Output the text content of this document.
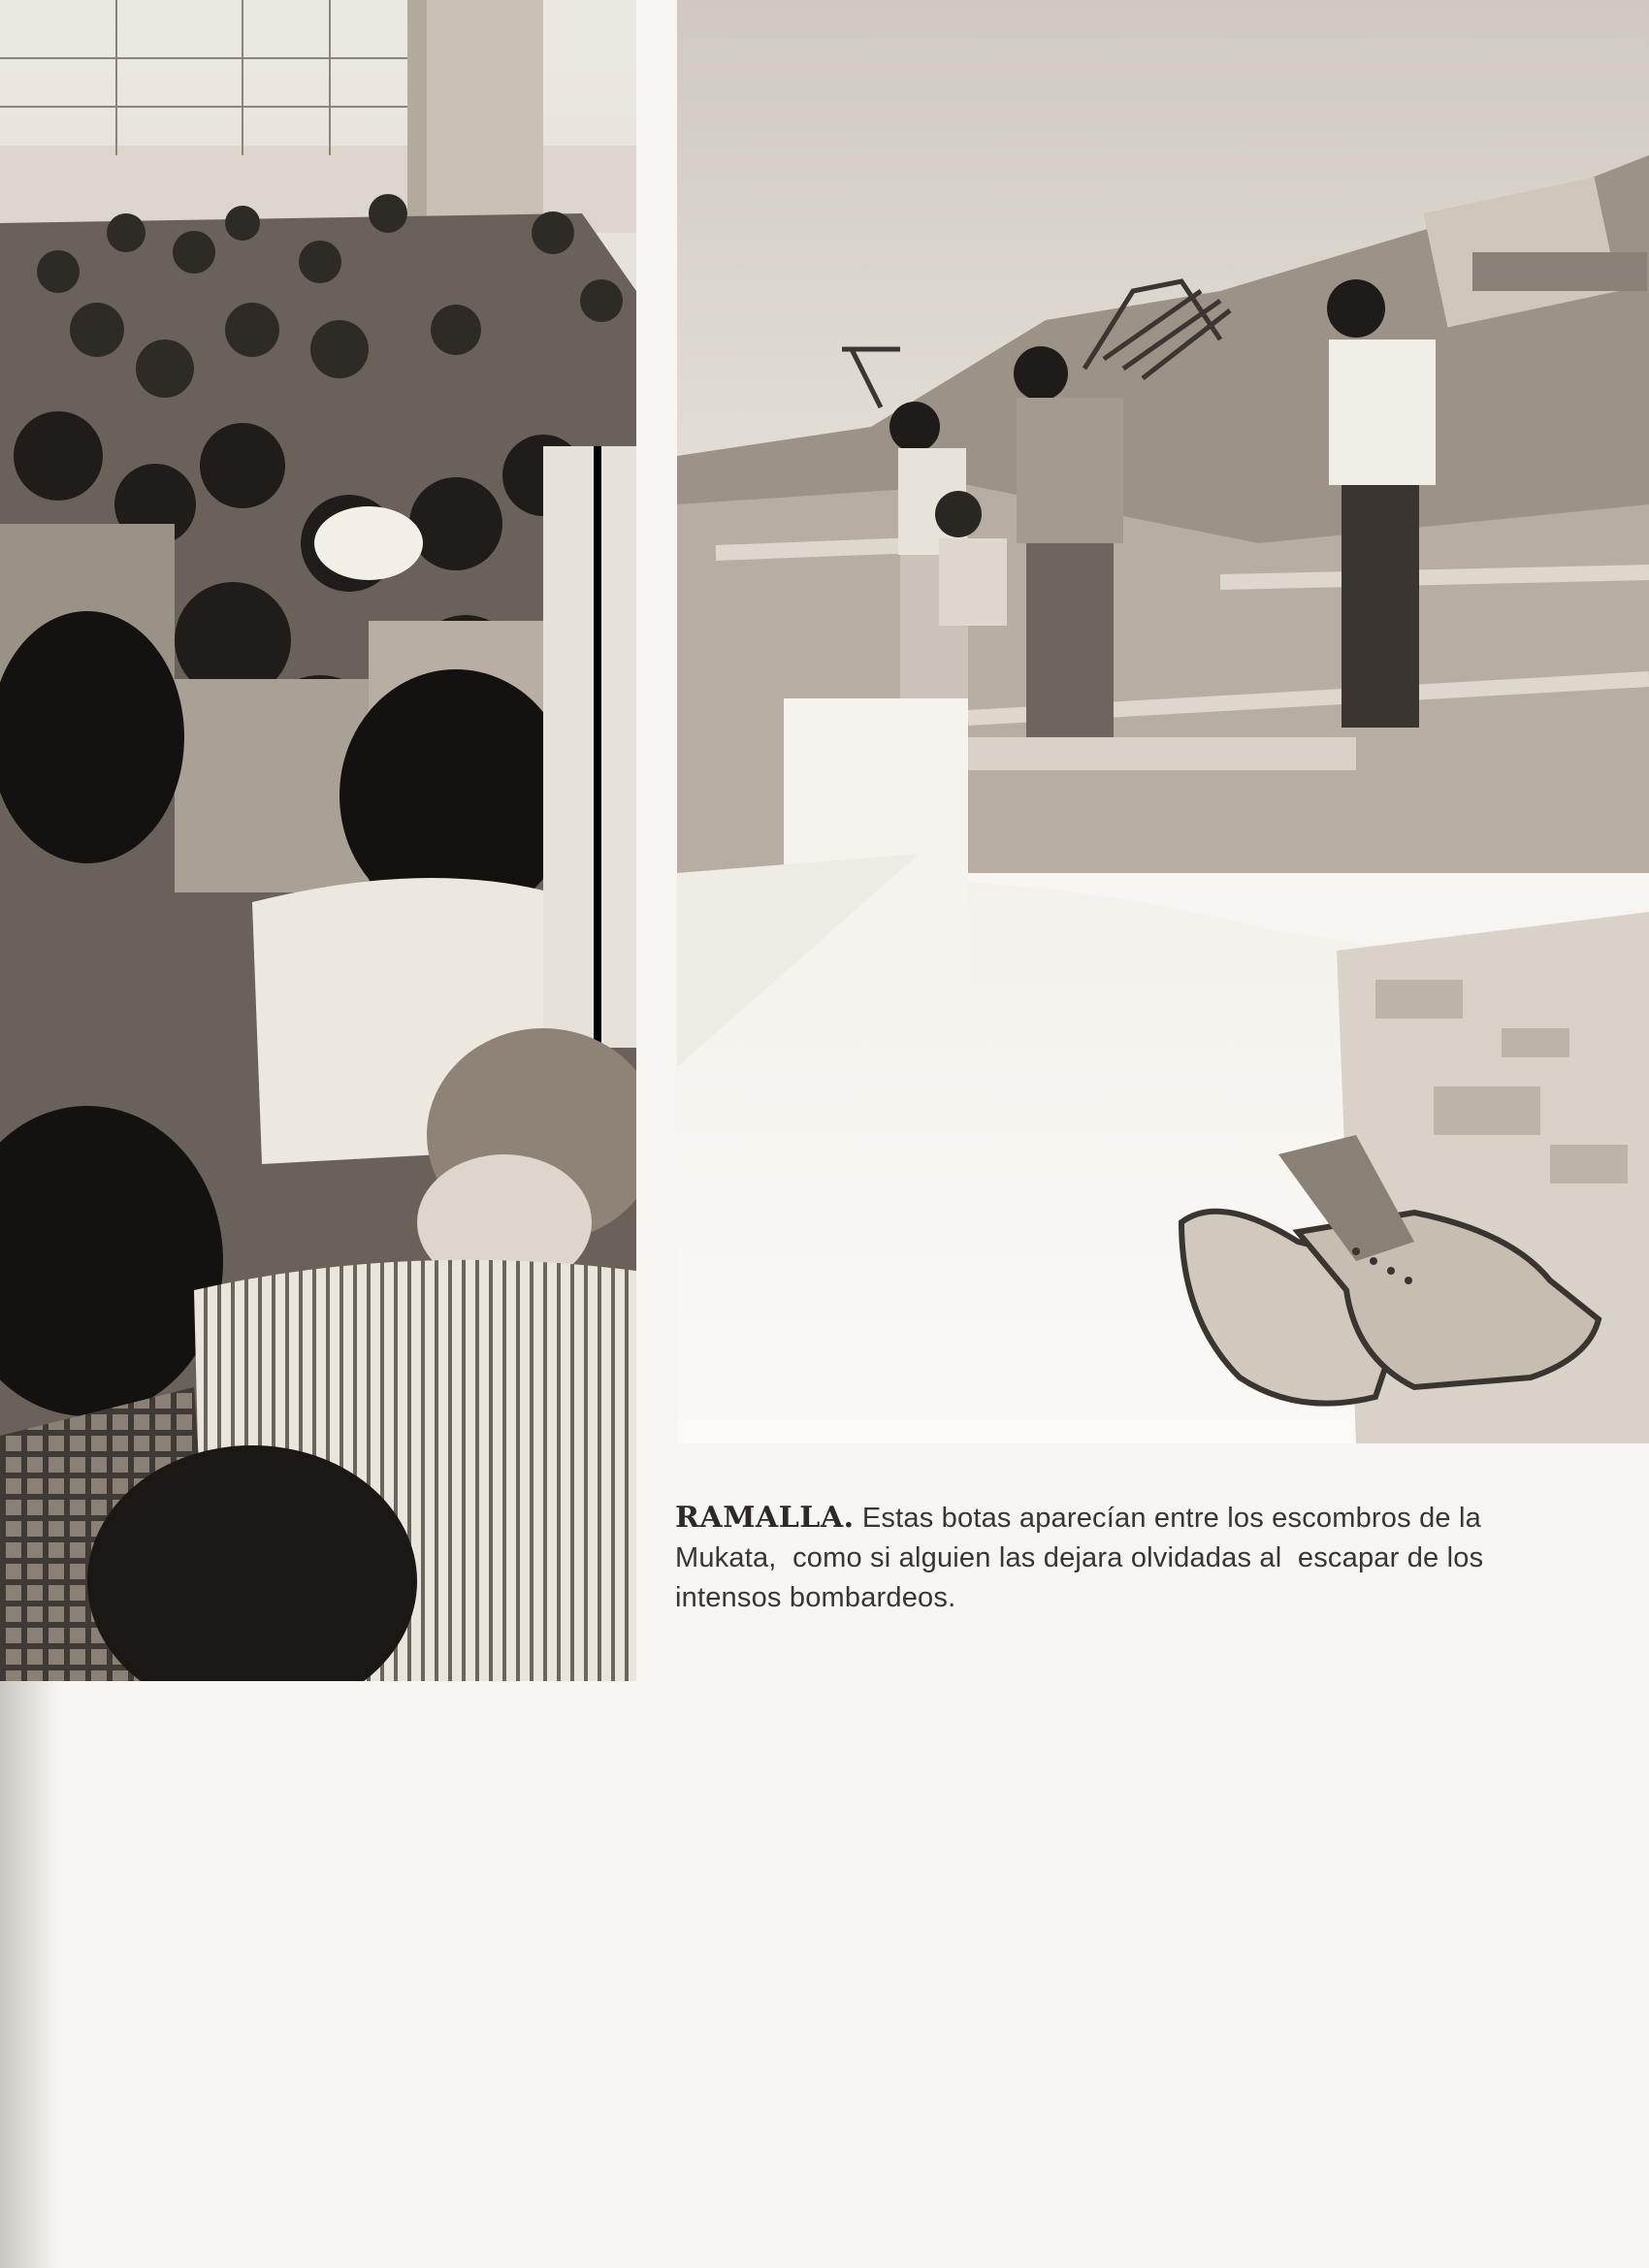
RAMALLA. Estas botas aparecían entre los escombros de la
Mukata,  como si alguien las dejara olvidadas al  escapar de los
intensos bombardeos.
